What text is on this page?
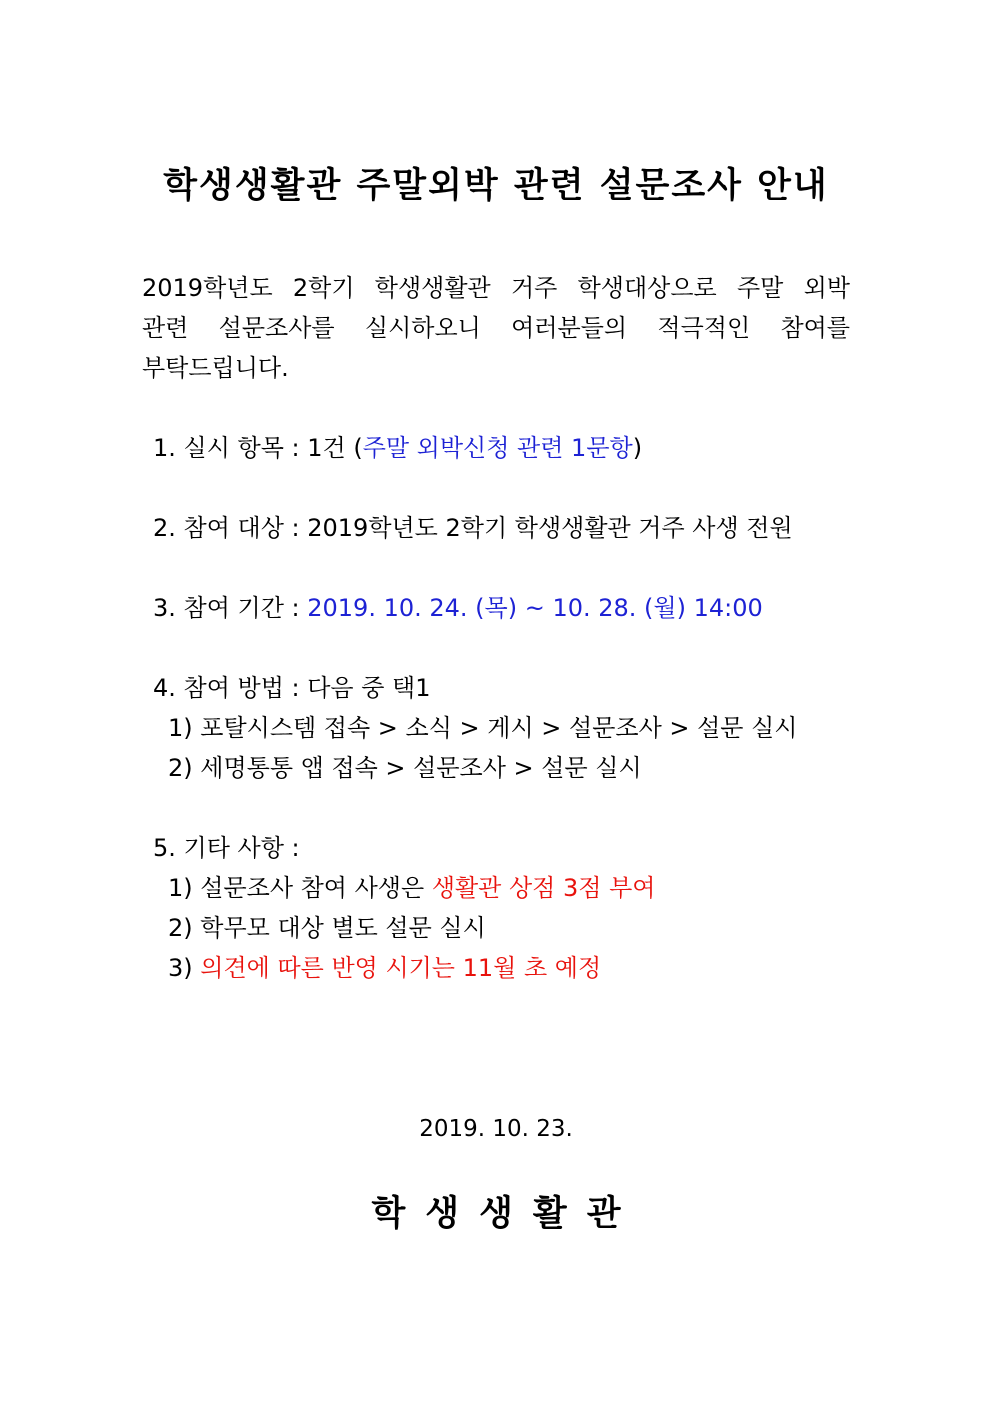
학생생활관 주말외박 관련 설문조사 안내
2019학년도 2학기 학생생활관 거주 학생대상으로 주말 외박
관련 설문조사를 실시하오니 여러분들의 적극적인 참여를
부탁드립니다.
1. 실시 항목 : 1건 (주말 외박신청 관련 1문항)
2. 참여 대상 : 2019학년도 2학기 학생생활관 거주 사생 전원
3. 참여 기간 : 2019. 10. 24. (목) ~ 10. 28. (월) 14:00
4. 참여 방법 : 다음 중 택1
1) 포탈시스템 접속 > 소식 > 게시 > 설문조사 > 설문 실시
2) 세명통통 앱 접속 > 설문조사 > 설문 실시
5. 기타 사항 :
1) 설문조사 참여 사생은 생활관 상점 3점 부여
2) 학무모 대상 별도 설문 실시
3) 의견에 따른 반영 시기는 11월 초 예정
2019. 10. 23.
학생생활관
